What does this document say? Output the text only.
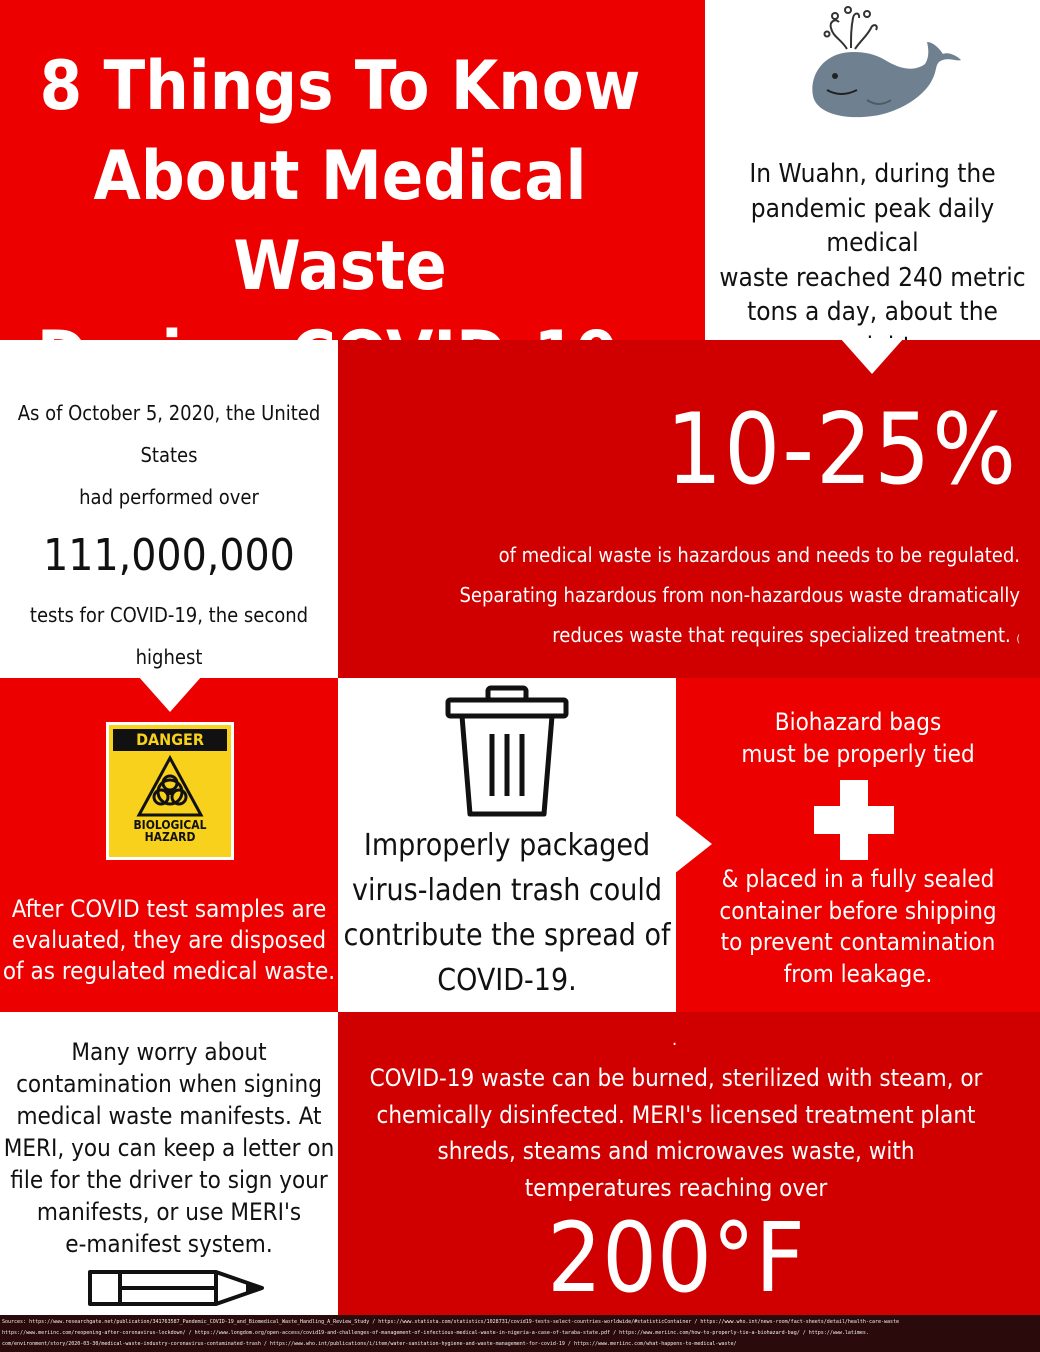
8 Things To Know
About Medical Waste
In Wuahn, during the
pandemic peak daily medical
waste reached 240 metric
tons a day, about the
As of October 5, 2020, the United States
had performed over
111,000,000
tests for COVID-19, the second highest
10-25%
of medical waste is hazardous and needs to be regulated.
Separating hazardous from non-hazardous waste dramatically
reduces waste that requires specialized treatment. (
DANGER
BIOLOGICAL
HAZARD
After COVID test samples are
evaluated, they are disposed
of as regulated medical waste.
Improperly packaged
virus-laden trash could
contribute the spread of
COVID-19.
Biohazard bags
must be properly tied
& placed in a fully sealed
container before shipping
to prevent contamination
from leakage.
Many worry about
contamination when signing
medical waste manifests. At
MERI, you can keep a letter on
file for the driver to sign your
manifests, or use MERI's
e-manifest system.
.
COVID-19 waste can be burned, sterilized with steam, or
chemically disinfected. MERI's licensed treatment plant
shreds, steams and microwaves waste, with
temperatures reaching over
200°F
Sources: https://www.researchgate.net/publication/341763587_Pandemic_COVID-19_and_Biomedical_Waste_Handling_A_Review_Study / https://www.statista.com/statistics/1028731/covid19-tests-select-countries-worldwide/#statisticContainer / https://www.who.int/news-room/fact-sheets/detail/health-care-waste
https://www.meriinc.com/reopening-after-coronavirus-lockdown/ / https://www.longdom.org/open-access/covid19-and-challenges-of-management-of-infectious-medical-waste-in-nigeria-a-case-of-taraba-state.pdf / https://www.meriinc.com/how-to-properly-tie-a-biohazard-bag/ / https://www.latimes.
com/environment/story/2020-03-30/medical-waste-industry-coronavirus-contaminated-trash / https://www.who.int/publications/i/item/water-sanitation-hygiene-and-waste-management-for-covid-19 / https://www.meriinc.com/what-happens-to-medical-waste/
